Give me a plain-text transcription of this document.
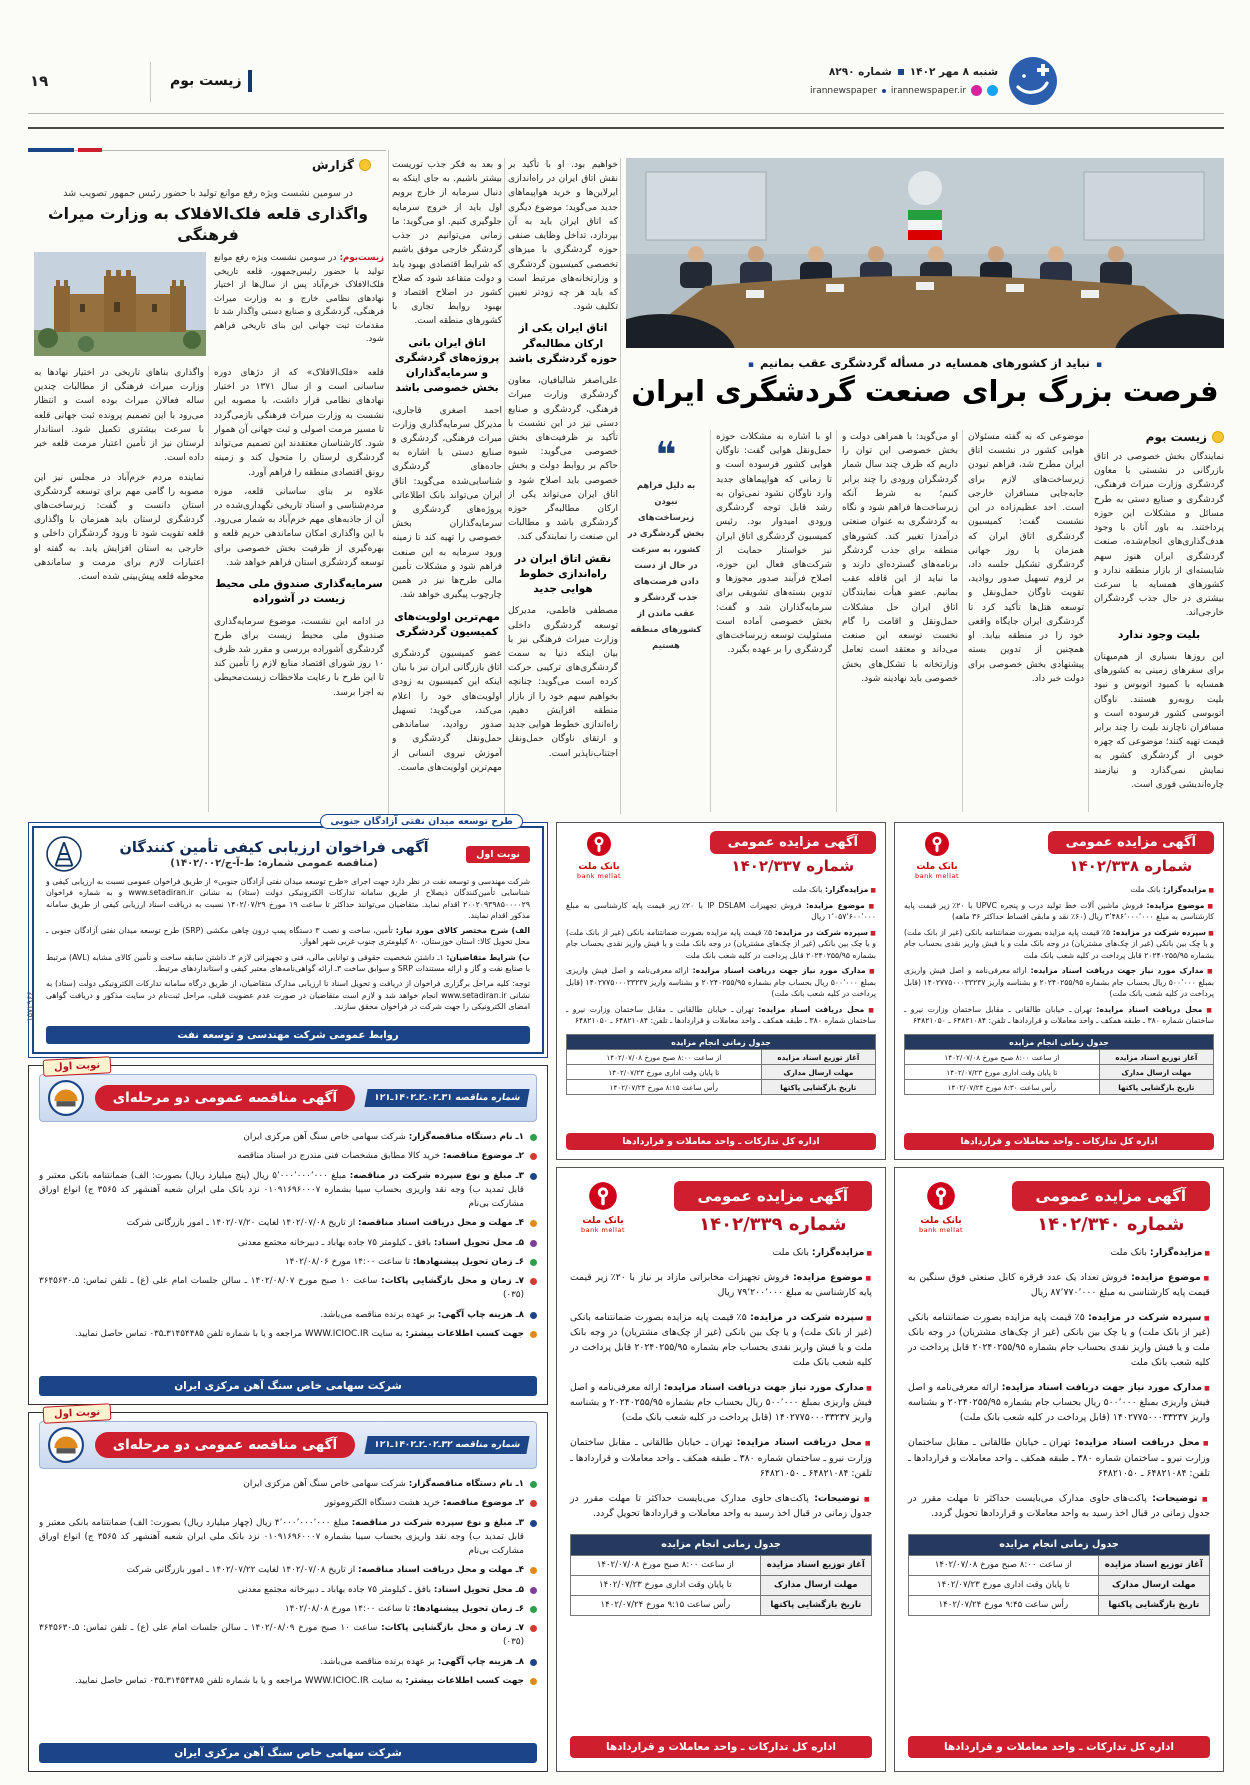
۱۹	زیست بوم
شنبه ۸ مهر ۱۴۰۲
شماره ۸۲۹۰
irannewspaper.ir
irannewspaper
گزارش
در سومین نشست ویژه رفع موانع تولید با حضور رئیس جمهور تصویب شد
واگذاری قلعه فلک‌الافلاک به وزارت میراث فرهنگی
زیست‌بوم: در سومین نشست ویژه رفع موانع تولید با حضور رئیس‌جمهور، قلعه تاریخی فلک‌الافلاک خرم‌آباد پس از سال‌ها از اختیار نهادهای نظامی خارج و به وزارت میراث فرهنگی، گردشگری و صنایع دستی واگذار شد تا مقدمات ثبت جهانی این بنای تاریخی فراهم شود.

قلعه «فلک‌الافلاک» که از دژهای دوره ساسانی است و از سال ۱۳۷۱ در اختیار نهادهای نظامی قرار داشت، با مصوبه این نشست به وزارت میراث فرهنگی بازمی‌گردد تا مسیر مرمت اصولی و ثبت جهانی آن هموار شود. کارشناسان معتقدند این تصمیم می‌تواند گردشگری لرستان را متحول کند و زمینه رونق اقتصادی منطقه را فراهم آورد.

علاوه بر بنای ساسانی قلعه، موزه مردم‌شناسی و اسناد تاریخی نگهداری‌شده در آن از جاذبه‌های مهم خرم‌آباد به شمار می‌رود. با این واگذاری امکان ساماندهی حریم قلعه و بهره‌گیری از ظرفیت بخش خصوصی برای توسعه گردشگری استان فراهم خواهد شد.

سرمایه‌گذاری صندوق ملی محیط زیست در آشوراده

در ادامه این نشست، موضوع سرمایه‌گذاری صندوق ملی محیط زیست برای طرح گردشگری آشوراده بررسی و مقرر شد ظرف ۱۰ روز شورای اقتصاد منابع لازم را تأمین کند تا این طرح با رعایت ملاحظات زیست‌محیطی به اجرا برسد.

واگذاری بناهای تاریخی در اختیار نهادها به وزارت میراث فرهنگی از مطالبات چندین ساله فعالان میراث بوده است و انتظار می‌رود با این تصمیم پرونده ثبت جهانی قلعه با سرعت بیشتری تکمیل شود. استاندار لرستان نیز از تأمین اعتبار مرمت قلعه خبر داده است.

نماینده مردم خرم‌آباد در مجلس نیز این مصوبه را گامی مهم برای توسعه گردشگری استان دانست و گفت: زیرساخت‌های گردشگری لرستان باید همزمان با واگذاری قلعه تقویت شود تا ورود گردشگران داخلی و خارجی به استان افزایش یابد. به گفته او اعتبارات لازم برای مرمت و ساماندهی محوطه قلعه پیش‌بینی شده است.

و بعد به فکر جذب توریست بیشتر باشیم. به جای اینکه به دنبال سرمایه از خارج برویم اول باید از خروج سرمایه جلوگیری کنیم. او می‌گوید: ما زمانی می‌توانیم در جذب گردشگر خارجی موفق باشیم که شرایط اقتصادی بهبود یابد و دولت متقاعد شود که صلاح کشور در اصلاح اقتصاد و بهبود روابط تجاری با کشورهای منطقه است.

اتاق ایران بانی پروژه‌های گردشگری و سرمایه‌گذاران بخش خصوصی باشد

احمد اصغری قاجاری، مدیرکل سرمایه‌گذاری وزارت میراث فرهنگی، گردشگری و صنایع دستی با اشاره به جاده‌های گردشگری شناسایی‌شده می‌گوید: اتاق ایران می‌تواند بانک اطلاعاتی پروژه‌های گردشگری و سرمایه‌گذاران بخش خصوصی را تهیه کند تا زمینه ورود سرمایه به این صنعت فراهم شود و مشکلات تأمین مالی طرح‌ها نیز در همین چارچوب پیگیری خواهد شد.

مهم‌ترین اولویت‌های کمیسیون گردشگری

عضو کمیسیون گردشگری اتاق بازرگانی ایران نیز با بیان اینکه این کمیسیون به زودی اولویت‌های خود را اعلام می‌کند، می‌گوید: تسهیل صدور روادید، ساماندهی حمل‌ونقل گردشگری و آموزش نیروی انسانی از مهم‌ترین اولویت‌های ماست.

خواهیم بود. او با تأکید بر نقش اتاق ایران در راه‌اندازی ایرلاین‌ها و خرید هواپیماهای جدید می‌گوید: موضوع دیگری که اتاق ایران باید به آن بپردازد، تداخل وظایف صنفی حوزه گردشگری با میزهای تخصصی کمیسیون گردشگری و وزارتخانه‌های مرتبط است که باید هر چه زودتر تعیین تکلیف شود.

اتاق ایران یکی از ارکان مطالبه‌گر حوزه گردشگری باشد

علی‌اصغر شالبافیان، معاون گردشگری وزارت میراث فرهنگی، گردشگری و صنایع دستی نیز در این نشست با تأکید بر ظرفیت‌های بخش خصوصی می‌گوید: شیوه حاکم بر روابط دولت و بخش خصوصی باید اصلاح شود و اتاق ایران می‌تواند یکی از ارکان مطالبه‌گر حوزه گردشگری باشد و مطالبات این صنعت را نمایندگی کند.

نقش اتاق ایران در راه‌اندازی خطوط هوایی جدید

مصطفی فاطمی، مدیرکل توسعه گردشگری داخلی وزارت میراث فرهنگی نیز با بیان اینکه دنیا به سمت گردشگری‌های ترکیبی حرکت کرده است می‌گوید: چنانچه بخواهیم سهم خود را از بازار منطقه افزایش دهیم، راه‌اندازی خطوط هوایی جدید و ارتقای ناوگان حمل‌ونقل اجتناب‌ناپذیر است.

▪ نباید از کشورهای همسایه در مسأله گردشگری عقب بمانیم ▪
فرصت بزرگ برای صنعت گردشگری ایران
❝
به دلیل فراهم نبودن زیرساخت‌های بخش گردشگری در کشور، به سرعت در حال از دست دادن فرصت‌های جذب گردشگر و عقب ماندن از کشورهای منطقه هستیم

او با اشاره به مشکلات حوزه حمل‌ونقل هوایی گفت: ناوگان هوایی کشور فرسوده است و تا زمانی که هواپیماهای جدید وارد ناوگان نشود نمی‌توان به رشد قابل توجه گردشگری ورودی امیدوار بود. رئیس کمیسیون گردشگری اتاق ایران نیز خواستار حمایت از شرکت‌های فعال این حوزه، اصلاح فرآیند صدور مجوزها و تدوین بسته‌های تشویقی برای سرمایه‌گذاران شد و گفت: بخش خصوصی آماده است مسئولیت توسعه زیرساخت‌های گردشگری را بر عهده بگیرد.

او می‌گوید: با همراهی دولت و بخش خصوصی این توان را داریم که ظرف چند سال شمار گردشگران ورودی را چند برابر کنیم؛ به شرط آنکه زیرساخت‌ها فراهم شود و نگاه به گردشگری به عنوان صنعتی درآمدزا تغییر کند. کشورهای منطقه برای جذب گردشگر برنامه‌های گسترده‌ای دارند و ما نباید از این قافله عقب بمانیم. عضو هیأت نمایندگان اتاق ایران حل مشکلات حمل‌ونقل و اقامت را گام نخست توسعه این صنعت می‌داند و معتقد است تعامل وزارتخانه با تشکل‌های بخش خصوصی باید نهادینه شود.

موضوعی که به گفته مسئولان هوایی کشور در نشست اتاق ایران مطرح شد، فراهم نبودن زیرساخت‌های لازم برای جابه‌جایی مسافران خارجی است. احد عظیم‌زاده در این نشست گفت: کمیسیون گردشگری اتاق ایران که همزمان با روز جهانی گردشگری تشکیل جلسه داد، بر لزوم تسهیل صدور روادید، تقویت ناوگان حمل‌ونقل و توسعه هتل‌ها تأکید کرد تا گردشگری ایران جایگاه واقعی خود را در منطقه بیابد. او همچنین از تدوین بسته پیشنهادی بخش خصوصی برای دولت خبر داد.

زیست بوم

نمایندگان بخش خصوصی در اتاق بازرگانی در نشستی با معاون گردشگری وزارت میراث فرهنگی، گردشگری و صنایع دستی به طرح مسائل و مشکلات این حوزه پرداختند. به باور آنان با وجود هدف‌گذاری‌های انجام‌شده، صنعت گردشگری ایران هنوز سهم شایسته‌ای از بازار منطقه ندارد و کشورهای همسایه با سرعت بیشتری در حال جذب گردشگران خارجی‌اند.

بلیت وجود ندارد

این روزها بسیاری از هم‌میهنان برای سفرهای زمینی به کشورهای همسایه با کمبود اتوبوس و نبود بلیت روبه‌رو هستند. ناوگان اتوبوسی کشور فرسوده است و مسافران ناچارند بلیت را چند برابر قیمت تهیه کنند؛ موضوعی که چهره خوبی از گردشگری کشور به نمایش نمی‌گذارد و نیازمند چاره‌اندیشی فوری است.

طرح توسعه میدان نفتی آزادگان جنوبی
نوبت اول
آگهی فراخوان ارزیابی کیفی تأمین کنندگان
(مناقصه عمومی شماره: ط-آ-ج/۱۴۰۲/۰۰۲)

شرکت مهندسی و توسعه نفت در نظر دارد جهت اجرای «طرح توسعه میدان نفتی آزادگان جنوبی» از طریق فراخوان عمومی نسبت به ارزیابی کیفی و شناسایی تأمین‌کنندگان ذیصلاح از طریق سامانه تدارکات الکترونیکی دولت (ستاد) به نشانی www.setadiran.ir و به شماره فراخوان ۲۰۰۲۰۹۳۹۸۵۰۰۰۰۲۹ اقدام نماید. متقاضیان می‌توانند حداکثر تا ساعت ۱۹ مورخ ۱۴۰۲/۰۷/۲۹ نسبت به دریافت اسناد ارزیابی کیفی از طریق سامانه مذکور اقدام نمایند.

الف) شرح مختصر کالای مورد نیاز: تأمین، ساخت و نصب ۳ دستگاه پمپ درون چاهی مکشی (SRP) طرح توسعه میدان نفتی آزادگان جنوبی ـ محل تحویل کالا: استان خوزستان، ۸۰ کیلومتری جنوب غربی شهر اهواز.

ب) شرایط متقاضیان: ۱ـ داشتن شخصیت حقوقی و توانایی مالی، فنی و تجهیزاتی لازم ۲ـ داشتن سابقه ساخت و تأمین کالای مشابه (AVL) مرتبط با صنایع نفت و گاز و ارائه مستندات SRP و سوابق ساخت ۳ـ ارائه گواهی‌نامه‌های معتبر کیفی و استانداردهای مرتبط.

توجه: کلیه مراحل برگزاری فراخوان از دریافت و تحویل اسناد تا ارزیابی مدارک متقاضیان، از طریق درگاه سامانه تدارکات الکترونیکی دولت (ستاد) به نشانی www.setadiran.ir انجام خواهد شد و لازم است متقاضیان در صورت عدم عضویت قبلی، مراحل ثبت‌نام در سایت مذکور و دریافت گواهی امضای الکترونیکی را جهت شرکت در فراخوان محقق سازند.

روابط عمومی شرکت مهندسی و توسعه نفت
۱۵۷۲۹۶۶
نوبت اول
شماره مناقصه ۳۱ـ۰۲ـ۲ـ۱۴۰۲ـ۱۲۱
آگهی مناقصه عمومی دو مرحله‌ای

۱ـ نام دستگاه مناقصه‌گزار: شرکت سهامی خاص سنگ آهن مرکزی ایران

۲ـ موضوع مناقصه: خرید کالا مطابق مشخصات فنی مندرج در اسناد مناقصه

۳ـ مبلغ و نوع سپرده شرکت در مناقصه: مبلغ ۵٬۰۰۰٬۰۰۰٬۰۰۰ ریال (پنج میلیارد ریال) بصورت: الف) ضمانتنامه بانکی معتبر و قابل تمدید ب) وجه نقد واریزی بحساب سیبا بشماره ۰۱۰۹۱۶۹۶۰۰۰۷ نزد بانک ملی ایران شعبه آهنشهر کد ۳۵۶۵ ج) انواع اوراق مشارکت بی‌نام

۴ـ مهلت و محل دریافت اسناد مناقصه: از تاریخ ۱۴۰۲/۰۷/۰۸ لغایت ۱۴۰۲/۰۷/۲۰ ـ امور بازرگانی شرکت

۵ـ محل تحویل اسناد: بافق ـ کیلومتر ۷۵ جاده بهاباد ـ دبیرخانه مجتمع معدنی

۶ـ زمان تحویل پیشنهادها: تا ساعت ۱۴:۰۰ مورخ ۱۴۰۲/۰۸/۰۶

۷ـ زمان و محل بازگشایی پاکات: ساعت ۱۰ صبح مورخ ۱۴۰۲/۰۸/۰۷ ـ سالن جلسات امام علی (ع) ـ تلفن تماس: ۵ـ۳۶۴۵۶۳۰ (۰۳۵)

۸ـ هزینه چاپ آگهی: بر عهده برنده مناقصه می‌باشد.

جهت کسب اطلاعات بیشتر: به سایت WWW.ICIOC.IR مراجعه و یا با شماره تلفن ۳۱۴۵۴۴۸۵ـ۰۳۵ تماس حاصل نمایید.

شرکت سهامی خاص سنگ آهن مرکزی ایران
نوبت اول
شماره مناقصه ۳۲ـ۰۲ـ۲ـ۱۴۰۲ـ۱۲۱
آگهی مناقصه عمومی دو مرحله‌ای

۱ـ نام دستگاه مناقصه‌گزار: شرکت سهامی خاص سنگ آهن مرکزی ایران

۲ـ موضوع مناقصه: خرید هشت دستگاه الکتروموتور

۳ـ مبلغ و نوع سپرده شرکت در مناقصه: مبلغ ۴٬۰۰۰٬۰۰۰٬۰۰۰ ریال (چهار میلیارد ریال) بصورت: الف) ضمانتنامه بانکی معتبر و قابل تمدید ب) وجه نقد واریزی بحساب سیبا بشماره ۰۱۰۹۱۶۹۶۰۰۰۷ نزد بانک ملی ایران شعبه آهنشهر کد ۳۵۶۵ ج) انواع اوراق مشارکت بی‌نام

۴ـ مهلت و محل دریافت اسناد مناقصه: از تاریخ ۱۴۰۲/۰۷/۰۸ لغایت ۱۴۰۲/۰۷/۲۲ ـ امور بازرگانی شرکت

۵ـ محل تحویل اسناد: بافق ـ کیلومتر ۷۵ جاده بهاباد ـ دبیرخانه مجتمع معدنی

۶ـ زمان تحویل پیشنهادها: تا ساعت ۱۴:۰۰ مورخ ۱۴۰۲/۰۸/۰۸

۷ـ زمان و محل بازگشایی پاکات: ساعت ۱۰ صبح مورخ ۱۴۰۲/۰۸/۰۹ ـ سالن جلسات امام علی (ع) ـ تلفن تماس: ۵ـ۳۶۴۵۶۳۰ (۰۳۵)

۸ـ هزینه چاپ آگهی: بر عهده برنده مناقصه می‌باشد.

جهت کسب اطلاعات بیشتر: به سایت WWW.ICIOC.IR مراجعه و یا با شماره تلفن ۳۱۴۵۴۴۸۵ـ۰۳۵ تماس حاصل نمایید.

شرکت سهامی خاص سنگ آهن مرکزی ایران
آگهی مزایده عمومی
شماره ۱۴۰۲/۳۳۷
بانک ملت
bank mellat

■ مزایده‌گزار: بانک ملت

■ موضوع مزایده: فروش تجهیزات IP DSLAM با ۲۰٪ زیر قیمت پایه کارشناسی به مبلغ ۱٬۰۵۷٬۶۰۰٬۰۰۰ ریال

■ سپرده شرکت در مزایده: ۵٪ قیمت پایه مزایده بصورت ضمانتنامه بانکی (غیر از بانک ملت) و یا چک بین بانکی (غیر از چک‌های مشتریان) در وجه بانک ملت و یا فیش واریز نقدی بحساب جام بشماره ۲۰۲۴۰۲۵۵/۹۵ قابل پرداخت در کلیه شعب بانک ملت

■ مدارک مورد نیاز جهت دریافت اسناد مزایده: ارائه معرفی‌نامه و اصل فیش واریزی بمبلغ ۵۰۰٬۰۰۰ ریال بحساب جام بشماره ۲۰۲۴۰۲۵۵/۹۵ و بشناسه واریز ۱۴۰۲۷۷۵۰۰۰۳۳۲۳۷ (قابل پرداخت در کلیه شعب بانک ملت)

■ محل دریافت اسناد مزایده: تهران ـ خیابان طالقانی ـ مقابل ساختمان وزارت نیرو ـ ساختمان شماره ۳۸۰ ـ طبقه همکف ـ واحد معاملات و قراردادها ـ تلفن: ۶۴۸۲۱۰۸۴ ـ ۶۴۸۲۱۰۵۰

جدول زمانی انجام مزایده	
آغاز توزیع اسناد مزایده	از ساعت ۸:۰۰ صبح مورخ ۱۴۰۲/۰۷/۰۸
مهلت ارسال مدارک	تا پایان وقت اداری مورخ ۱۴۰۲/۰۷/۲۳
تاریخ بازگشایی پاکتها	رأس ساعت ۸:۱۵ مورخ ۱۴۰۲/۰۷/۲۴
اداره کل تدارکات ـ واحد معاملات و قراردادها
آگهی مزایده عمومی
شماره ۱۴۰۲/۳۳۸
بانک ملت
bank mellat

■ مزایده‌گزار: بانک ملت

■ موضوع مزایده: فروش ماشین آلات خط تولید درب و پنجره UPVC با ۲۰٪ زیر قیمت پایه کارشناسی به مبلغ ۳٬۴۸۶٬۰۰۰٬۰۰۰ ریال (۶۰٪ نقد و مابقی اقساط حداکثر ۳۶ ماهه)

■ سپرده شرکت در مزایده: ۵٪ قیمت پایه مزایده بصورت ضمانتنامه بانکی (غیر از بانک ملت) و یا چک بین بانکی (غیر از چک‌های مشتریان) در وجه بانک ملت و یا فیش واریز نقدی بحساب جام بشماره ۲۰۲۴۰۲۵۵/۹۵ قابل پرداخت در کلیه شعب بانک ملت

■ مدارک مورد نیاز جهت دریافت اسناد مزایده: ارائه معرفی‌نامه و اصل فیش واریزی بمبلغ ۵۰۰٬۰۰۰ ریال بحساب جام بشماره ۲۰۲۴۰۲۵۵/۹۵ و بشناسه واریز ۱۴۰۲۷۷۵۰۰۰۳۳۲۳۷ (قابل پرداخت در کلیه شعب بانک ملت)

■ محل دریافت اسناد مزایده: تهران ـ خیابان طالقانی ـ مقابل ساختمان وزارت نیرو ـ ساختمان شماره ۳۸۰ ـ طبقه همکف ـ واحد معاملات و قراردادها ـ تلفن: ۶۴۸۲۱۰۸۴ ـ ۶۴۸۲۱۰۵۰

جدول زمانی انجام مزایده	
آغاز توزیع اسناد مزایده	از ساعت ۸:۰۰ صبح مورخ ۱۴۰۲/۰۷/۰۸
مهلت ارسال مدارک	تا پایان وقت اداری مورخ ۱۴۰۲/۰۷/۲۳
تاریخ بازگشایی پاکتها	رأس ساعت ۸:۳۰ مورخ ۱۴۰۲/۰۷/۲۴
اداره کل تدارکات ـ واحد معاملات و قراردادها
آگهی مزایده عمومی
شماره ۱۴۰۲/۳۳۹
بانک ملت
bank mellat

■ مزایده‌گزار: بانک ملت

■ موضوع مزایده: فروش تجهیزات مخابراتی مازاد بر نیاز با ۲۰٪ زیر قیمت پایه کارشناسی به مبلغ ۷۹٬۲۰۰٬۰۰۰ ریال

■ سپرده شرکت در مزایده: ۵٪ قیمت پایه مزایده بصورت ضمانتنامه بانکی (غیر از بانک ملت) و یا چک بین بانکی (غیر از چک‌های مشتریان) در وجه بانک ملت و یا فیش واریز نقدی بحساب جام بشماره ۲۰۲۴۰۲۵۵/۹۵ قابل پرداخت در کلیه شعب بانک ملت

■ مدارک مورد نیاز جهت دریافت اسناد مزایده: ارائه معرفی‌نامه و اصل فیش واریزی بمبلغ ۵۰۰٬۰۰۰ ریال بحساب جام بشماره ۲۰۲۴۰۲۵۵/۹۵ و بشناسه واریز ۱۴۰۲۷۷۵۰۰۰۳۳۲۳۷ (قابل پرداخت در کلیه شعب بانک ملت)

■ محل دریافت اسناد مزایده: تهران ـ خیابان طالقانی ـ مقابل ساختمان وزارت نیرو ـ ساختمان شماره ۳۸۰ ـ طبقه همکف ـ واحد معاملات و قراردادها ـ تلفن: ۶۴۸۲۱۰۸۴ ـ ۶۴۸۲۱۰۵۰

■ توضیحات: پاکت‌های حاوی مدارک می‌بایست حداکثر تا مهلت مقرر در جدول زمانی در قبال اخذ رسید به واحد معاملات و قراردادها تحویل گردد.

جدول زمانی انجام مزایده	
آغاز توزیع اسناد مزایده	از ساعت ۸:۰۰ صبح مورخ ۱۴۰۲/۰۷/۰۸
مهلت ارسال مدارک	تا پایان وقت اداری مورخ ۱۴۰۲/۰۷/۲۳
تاریخ بازگشایی پاکتها	رأس ساعت ۹:۱۵ مورخ ۱۴۰۲/۰۷/۲۴
اداره کل تدارکات ـ واحد معاملات و قراردادها
آگهی مزایده عمومی
شماره ۱۴۰۲/۳۴۰
بانک ملت
bank mellat

■ مزایده‌گزار: بانک ملت

■ موضوع مزایده: فروش تعداد یک عدد قرقره کابل صنعتی فوق سنگین به قیمت پایه کارشناسی به مبلغ ۸۷٬۷۷۰٬۰۰۰ ریال

■ سپرده شرکت در مزایده: ۵٪ قیمت پایه مزایده بصورت ضمانتنامه بانکی (غیر از بانک ملت) و یا چک بین بانکی (غیر از چک‌های مشتریان) در وجه بانک ملت و یا فیش واریز نقدی بحساب جام بشماره ۲۰۲۴۰۲۵۵/۹۵ قابل پرداخت در کلیه شعب بانک ملت

■ مدارک مورد نیاز جهت دریافت اسناد مزایده: ارائه معرفی‌نامه و اصل فیش واریزی بمبلغ ۵۰۰٬۰۰۰ ریال بحساب جام بشماره ۲۰۲۴۰۲۵۵/۹۵ و بشناسه واریز ۱۴۰۲۷۷۵۰۰۰۳۳۲۳۷ (قابل پرداخت در کلیه شعب بانک ملت)

■ محل دریافت اسناد مزایده: تهران ـ خیابان طالقانی ـ مقابل ساختمان وزارت نیرو ـ ساختمان شماره ۳۸۰ ـ طبقه همکف ـ واحد معاملات و قراردادها ـ تلفن: ۶۴۸۲۱۰۸۴ ـ ۶۴۸۲۱۰۵۰

■ توضیحات: پاکت‌های حاوی مدارک می‌بایست حداکثر تا مهلت مقرر در جدول زمانی در قبال اخذ رسید به واحد معاملات و قراردادها تحویل گردد.

جدول زمانی انجام مزایده	
آغاز توزیع اسناد مزایده	از ساعت ۸:۰۰ صبح مورخ ۱۴۰۲/۰۷/۰۸
مهلت ارسال مدارک	تا پایان وقت اداری مورخ ۱۴۰۲/۰۷/۲۳
تاریخ بازگشایی پاکتها	رأس ساعت ۹:۴۵ مورخ ۱۴۰۲/۰۷/۲۴
اداره کل تدارکات ـ واحد معاملات و قراردادها
